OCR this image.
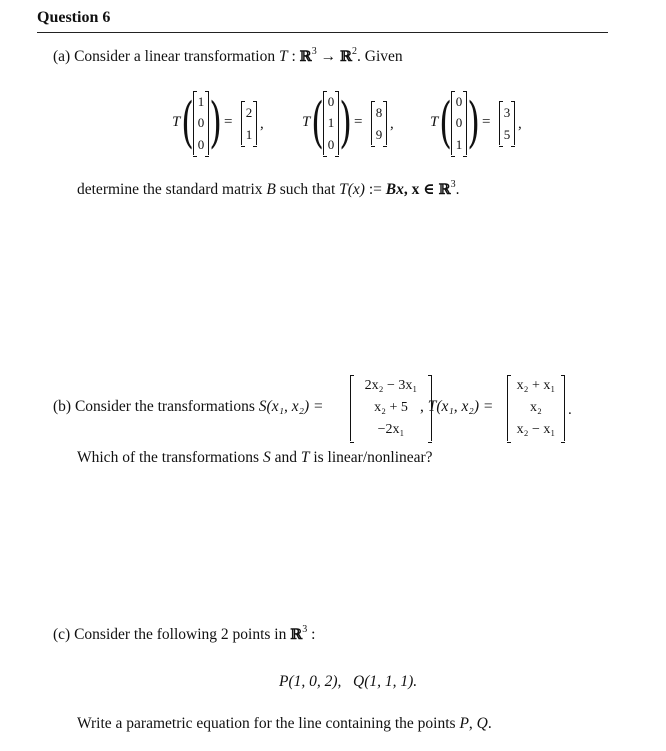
Question 6
(a) Consider a linear transformation T : ℝ$^3$ → ℝ$^2$. Given
T ( 1
0
0 ) =
2
1
,	T ( 0
1
0 ) =
8
9
, T ( 0
0
1 ) =
3
5
,
determine the standard matrix B such that T(x) := Bx, x ∈ ℝ$^3$.
(b) Consider the transformations S(x₁, x₂) =
2x₂ − 3x₁
x₂ + 5
−2x₁
, T(x₁, x₂) =
x₂ + x₁
x₂
x₂ − x₁
.
Which of the transformations S and T is linear/nonlinear?
(c) Consider the following 2 points in ℝ$^3$ :
P(1, 0, 2),   Q(1, 1, 1).
Write a parametric equation for the line containing the points P, Q.
